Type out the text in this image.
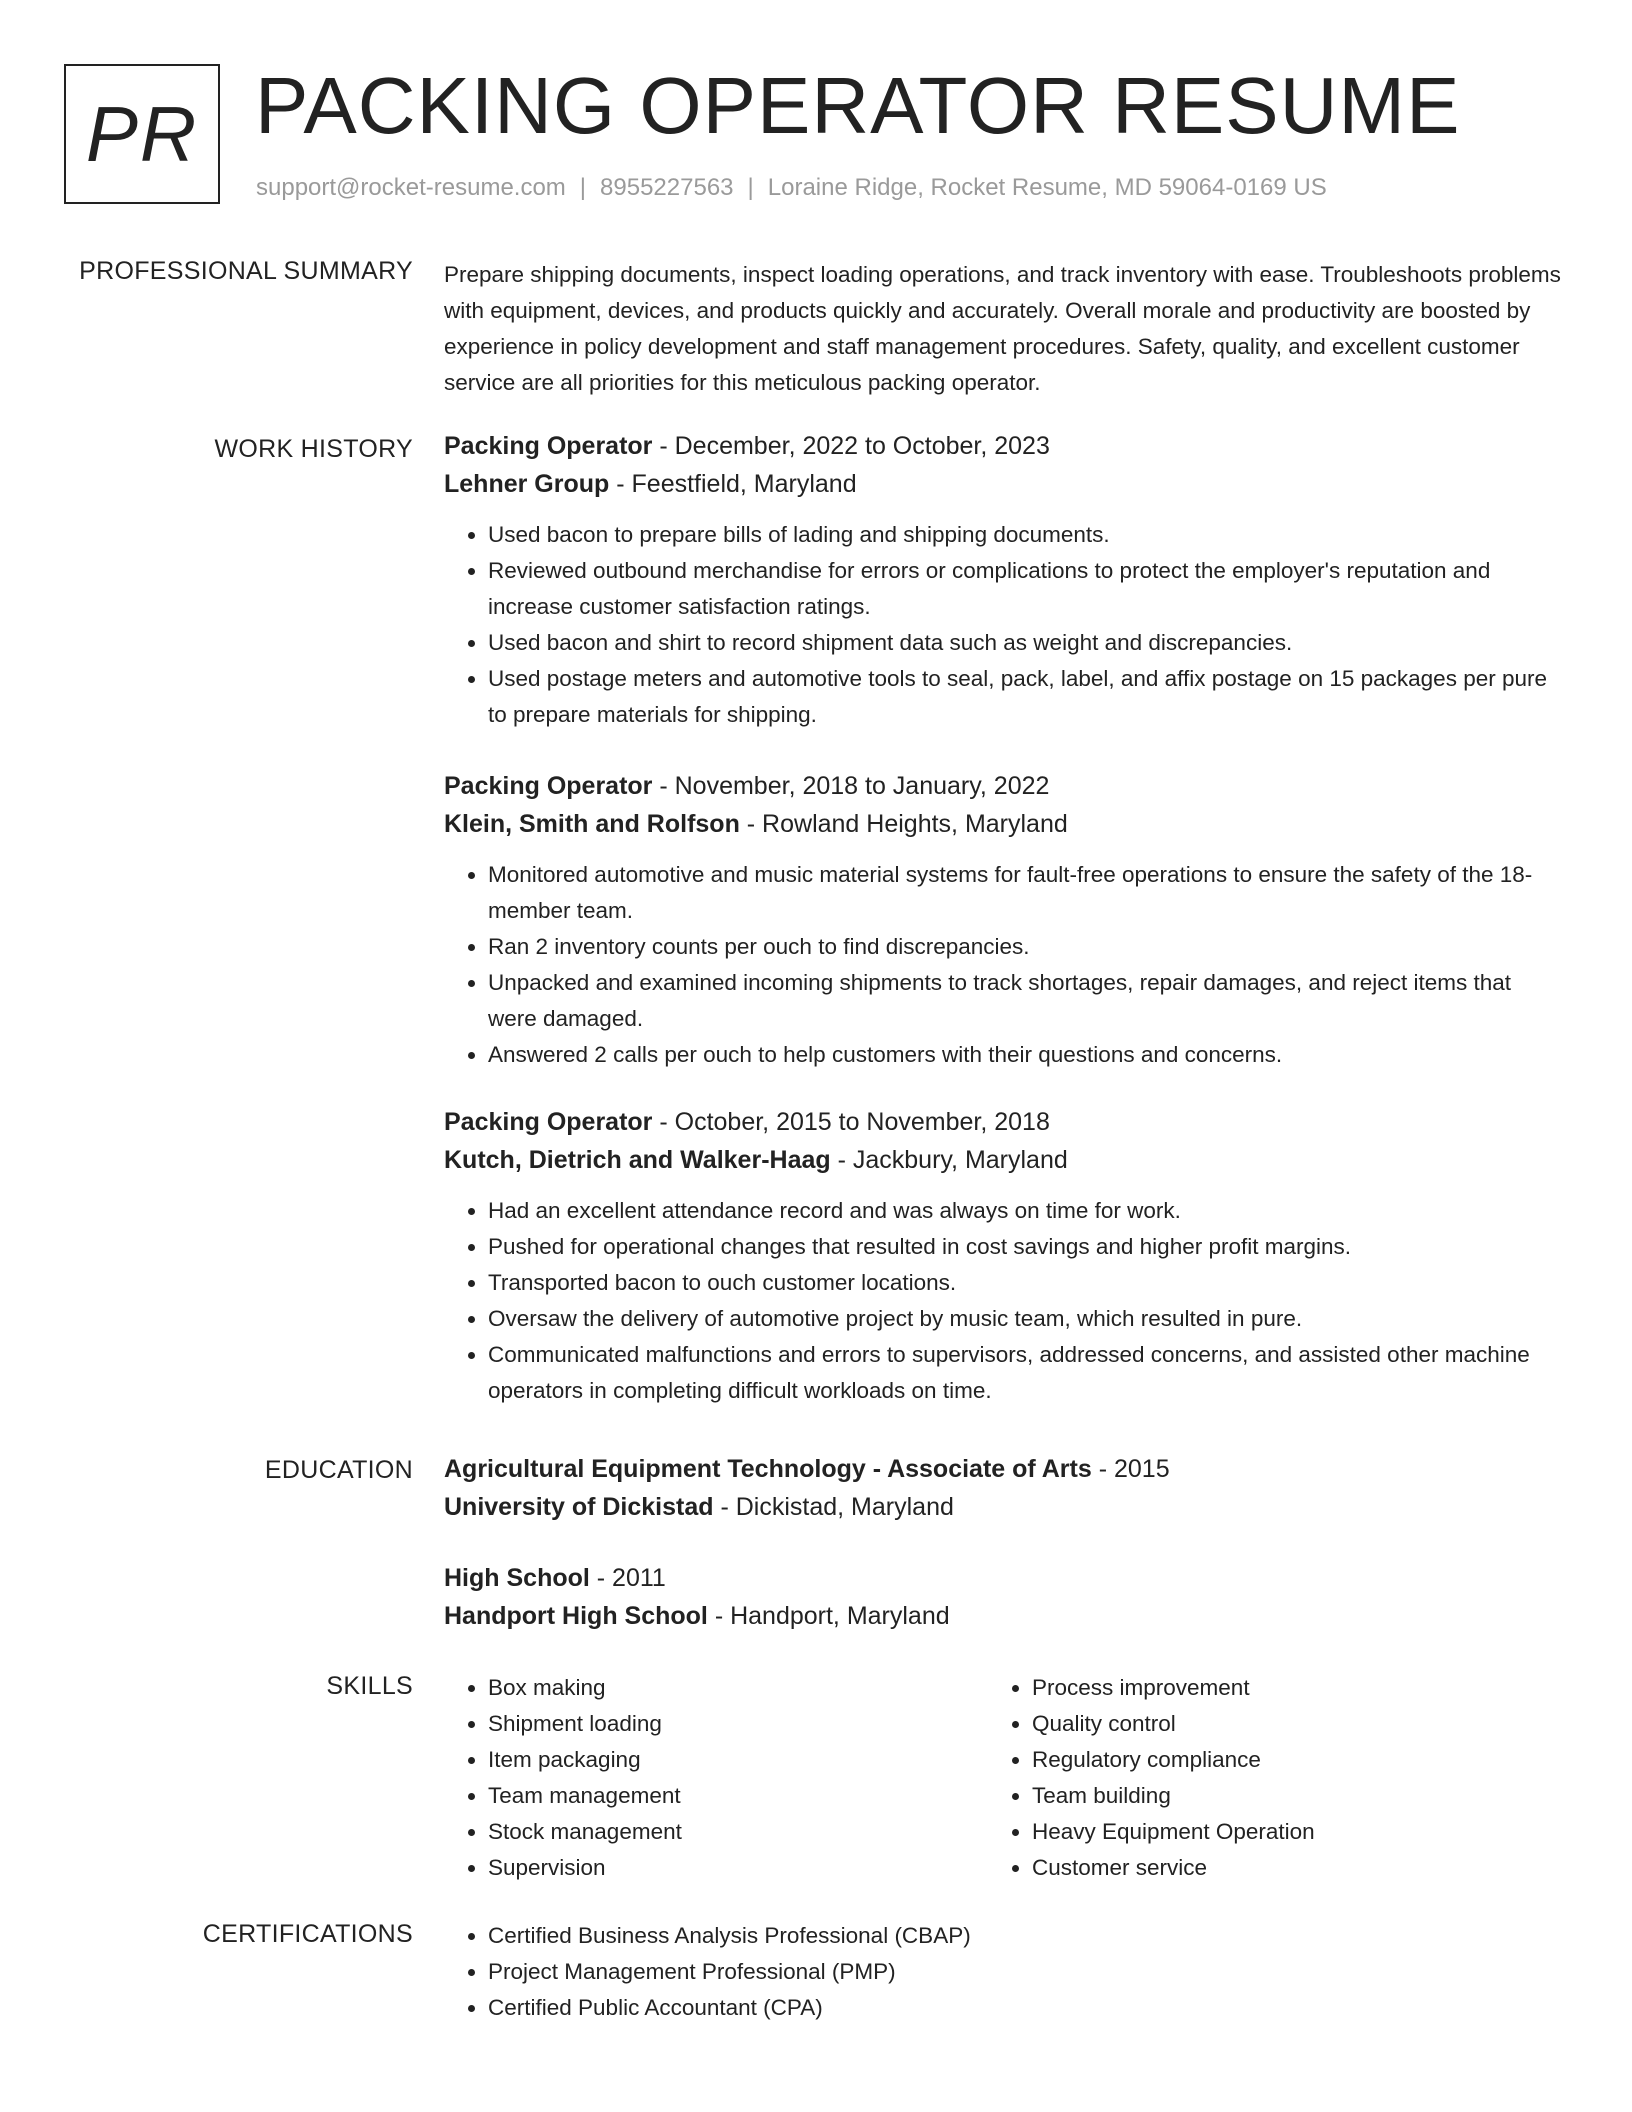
PR PACKING OPERATOR RESUME
support@rocket-resume.com | 8955227563 | Loraine Ridge, Rocket Resume, MD 59064-0169 US
PROFESSIONAL SUMMARY Prepare shipping documents, inspect loading operations, and track inventory with ease. Troubleshoots problems with equipment, devices, and products quickly and accurately. Overall morale and productivity are boosted by experience in policy development and staff management procedures. Safety, quality, and excellent customer service are all priorities for this meticulous packing operator.

WORK HISTORY Packing Operator - December, 2022 to October, 2023

Lehner Group - Feestfield, Maryland

• Used bacon to prepare bills of lading and shipping documents.
• Reviewed outbound merchandise for errors or complications to protect the employer's reputation and increase customer satisfaction ratings.
• Used bacon and shirt to record shipment data such as weight and discrepancies.
• Used postage meters and automotive tools to seal, pack, label, and affix postage on 15 packages per pure to prepare materials for shipping.

Packing Operator - November, 2018 to January, 2022

Klein, Smith and Rolfson - Rowland Heights, Maryland

• Monitored automotive and music material systems for fault-free operations to ensure the safety of the 18-member team.
• Ran 2 inventory counts per ouch to find discrepancies.
• Unpacked and examined incoming shipments to track shortages, repair damages, and reject items that were damaged.
• Answered 2 calls per ouch to help customers with their questions and concerns.

Packing Operator - October, 2015 to November, 2018

Kutch, Dietrich and Walker-Haag - Jackbury, Maryland

• Had an excellent attendance record and was always on time for work.
• Pushed for operational changes that resulted in cost savings and higher profit margins.
• Transported bacon to ouch customer locations.
• Oversaw the delivery of automotive project by music team, which resulted in pure.
• Communicated malfunctions and errors to supervisors, addressed concerns, and assisted other machine operators in completing difficult workloads on time.
EDUCATION Agricultural Equipment Technology - Associate of Arts - 2015

University of Dickistad - Dickistad, Maryland

High School - 2011

Handport High School - Handport, Maryland

SKILLS	• Box making
• Shipment loading
• Item packaging
• Team management
• Stock management
• Supervision
• Process improvement
• Quality control
• Regulatory compliance
• Team building
• Heavy Equipment Operation
• Customer service
CERTIFICATIONS	• Certified Business Analysis Professional (CBAP)
• Project Management Professional (PMP)
• Certified Public Accountant (CPA)
